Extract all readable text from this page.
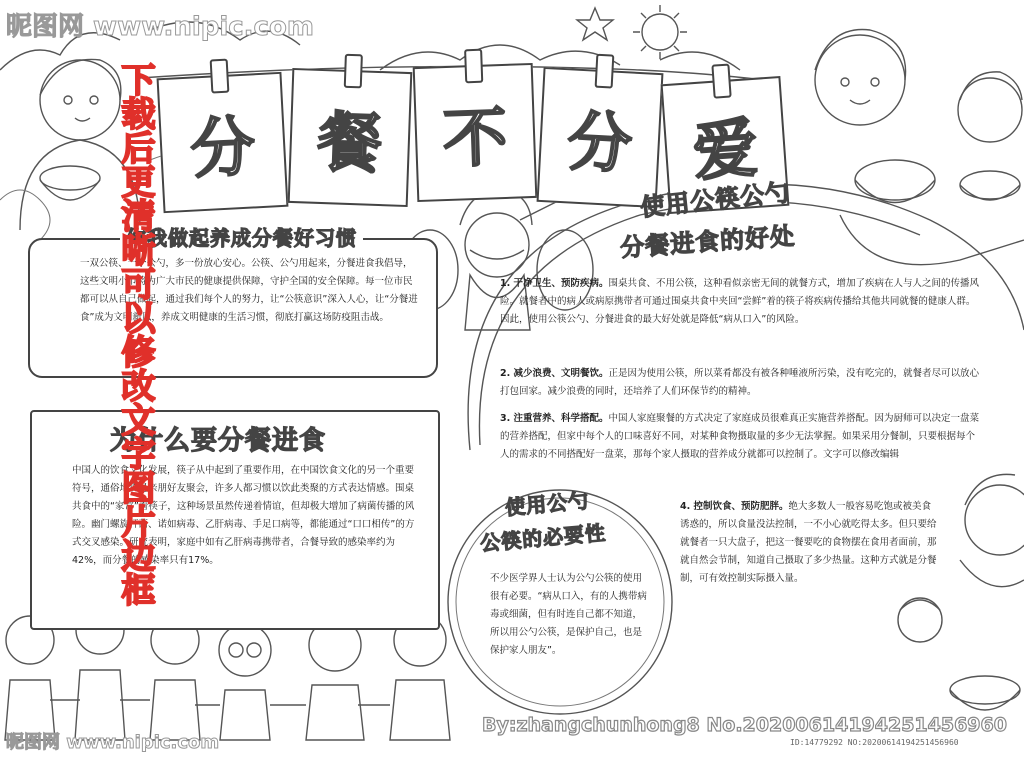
分 餐 不 分 爱
你我做起养成分餐好习惯
一双公筷、一个公勺，多一份放心安心。公筷、公勺用起来，分餐进食我倡导，这些文明小节将为广大市民的健康提供保障，守护全国的安全保障。每一位市民都可以从自己做起，通过我们每个人的努力，让“公筷意识”深入人心，让“分餐进食”成为文明新风，养成文明健康的生活习惯，彻底打赢这场防疫阻击战。
为什么要分餐进食
中国人的饮食文化发展，筷子从中起到了重要作用，在中国饮食文化的另一个重要符号，通俗地说是亲朋好友聚会，许多人都习惯以饮此类聚的方式表达情感。围桌共食中的“家常”着筷子，这种场景虽然传递着情谊，但却极大增加了病菌传播的风险。幽门螺旋杆菌、诺如病毒、乙肝病毒、手足口病等，都能通过“口口相传”的方式交叉感染。研究表明，家庭中如有乙肝病毒携带者，合餐导致的感染率约为42%，而分餐的感染率只有17%。
使用公筷公勺
分餐进食的好处
1. 干净卫生、预防疾病。围桌共食、不用公筷，这种看似亲密无间的就餐方式，增加了疾病在人与人之间的传播风险。就餐者中的病人或病原携带者可通过围桌共食中夹回“尝鲜”着的筷子将疾病传播给其他共同就餐的健康人群。因此，使用公筷公勺、分餐进食的最大好处就是降低“病从口入”的风险。
2. 减少浪费、文明餐饮。正是因为使用公筷，所以菜肴都没有被各种唾液所污染，没有吃完的，就餐者尽可以放心打包回家。减少浪费的同时，还培养了人们环保节约的精神。
3. 注重营养、科学搭配。中国人家庭聚餐的方式决定了家庭成员很难真正实施营养搭配。因为厨师可以决定一盘菜的营养搭配，但家中每个人的口味喜好不同，对某种食物摄取量的多少无法掌握。如果采用分餐制，只要根据每个人的需求的不同搭配好一盘菜，那每个家人摄取的营养成分就都可以控制了。文字可以修改编辑
4. 控制饮食、预防肥胖。绝大多数人一般容易吃饱或被美食诱惑的，所以食量没法控制，一不小心就吃得太多。但只要给就餐者一只大盘子，把这一餐要吃的食物摆在食用者面前，那就自然会节制，知道自己摄取了多少热量。这种方式就是分餐制，可有效控制实际摄入量。
使用公勺
公筷的必要性
不少医学界人士认为公勺公筷的使用很有必要。“病从口入，有的人携带病毒或细菌，但有时连自己都不知道，所以用公勺公筷，是保护自己，也是保护家人朋友”。
下载后更清晰可以修改文字图片边框
昵图网 www.nipic.com
昵图网 www.nipic.com
By:zhangchunhong8 No.20200614194251456960
ID:14779292 NO:20200614194251456960
